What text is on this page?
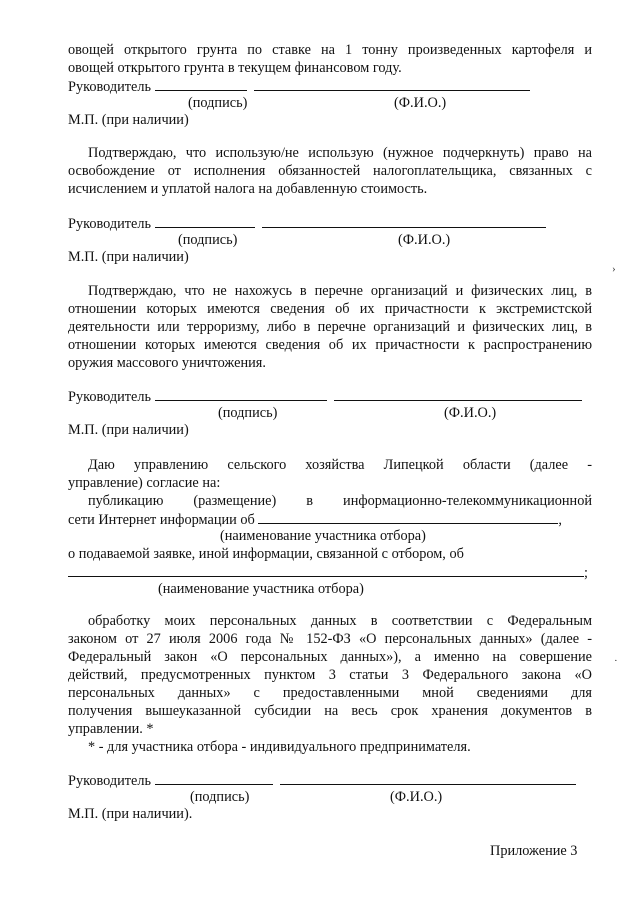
овощей открытого грунта по ставке на 1 тонну произведенных картофеля и
овощей открытого грунта в текущем финансовом году.
Руководитель
(подпись)	(Ф.И.О.)
М.П. (при наличии)
Подтверждаю, что использую/не использую (нужное подчеркнуть) право на
освобождение от исполнения обязанностей налогоплательщика, связанных с
исчислением и уплатой налога на добавленную стоимость.
Руководитель
(подпись)	(Ф.И.О.)
М.П. (при наличии)
Подтверждаю, что не нахожусь в перечне организаций и физических лиц, в
отношении которых имеются сведения об их причастности к экстремистской
деятельности или терроризму, либо в перечне организаций и физических лиц, в
отношении которых имеются сведения об их причастности к распространению
оружия массового уничтожения.
Руководитель
(подпись)	(Ф.И.О.)
М.П. (при наличии)
Даю управлению сельского хозяйства Липецкой области (далее -
управление) согласие на:
публикацию (размещение) в информационно-телекоммуникационной
сети Интернет информации об	,
(наименование участника отбора)
о подаваемой заявке, иной информации, связанной с отбором, об
;
(наименование участника отбора)
обработку моих персональных данных в соответствии с Федеральным
законом от 27 июля 2006 года № 152-ФЗ «О персональных данных» (далее -
Федеральный закон «О персональных данных»), а именно на совершение
действий, предусмотренных пунктом 3 статьи 3 Федерального закона «О
персональных данных» с предоставленными мной сведениями для
получения вышеуказанной субсидии на весь срок хранения документов в
управлении. *
* - для участника отбора - индивидуального предпринимателя.
Руководитель
(подпись)	(Ф.И.О.)
М.П. (при наличии).
Приложение 3
›
·
